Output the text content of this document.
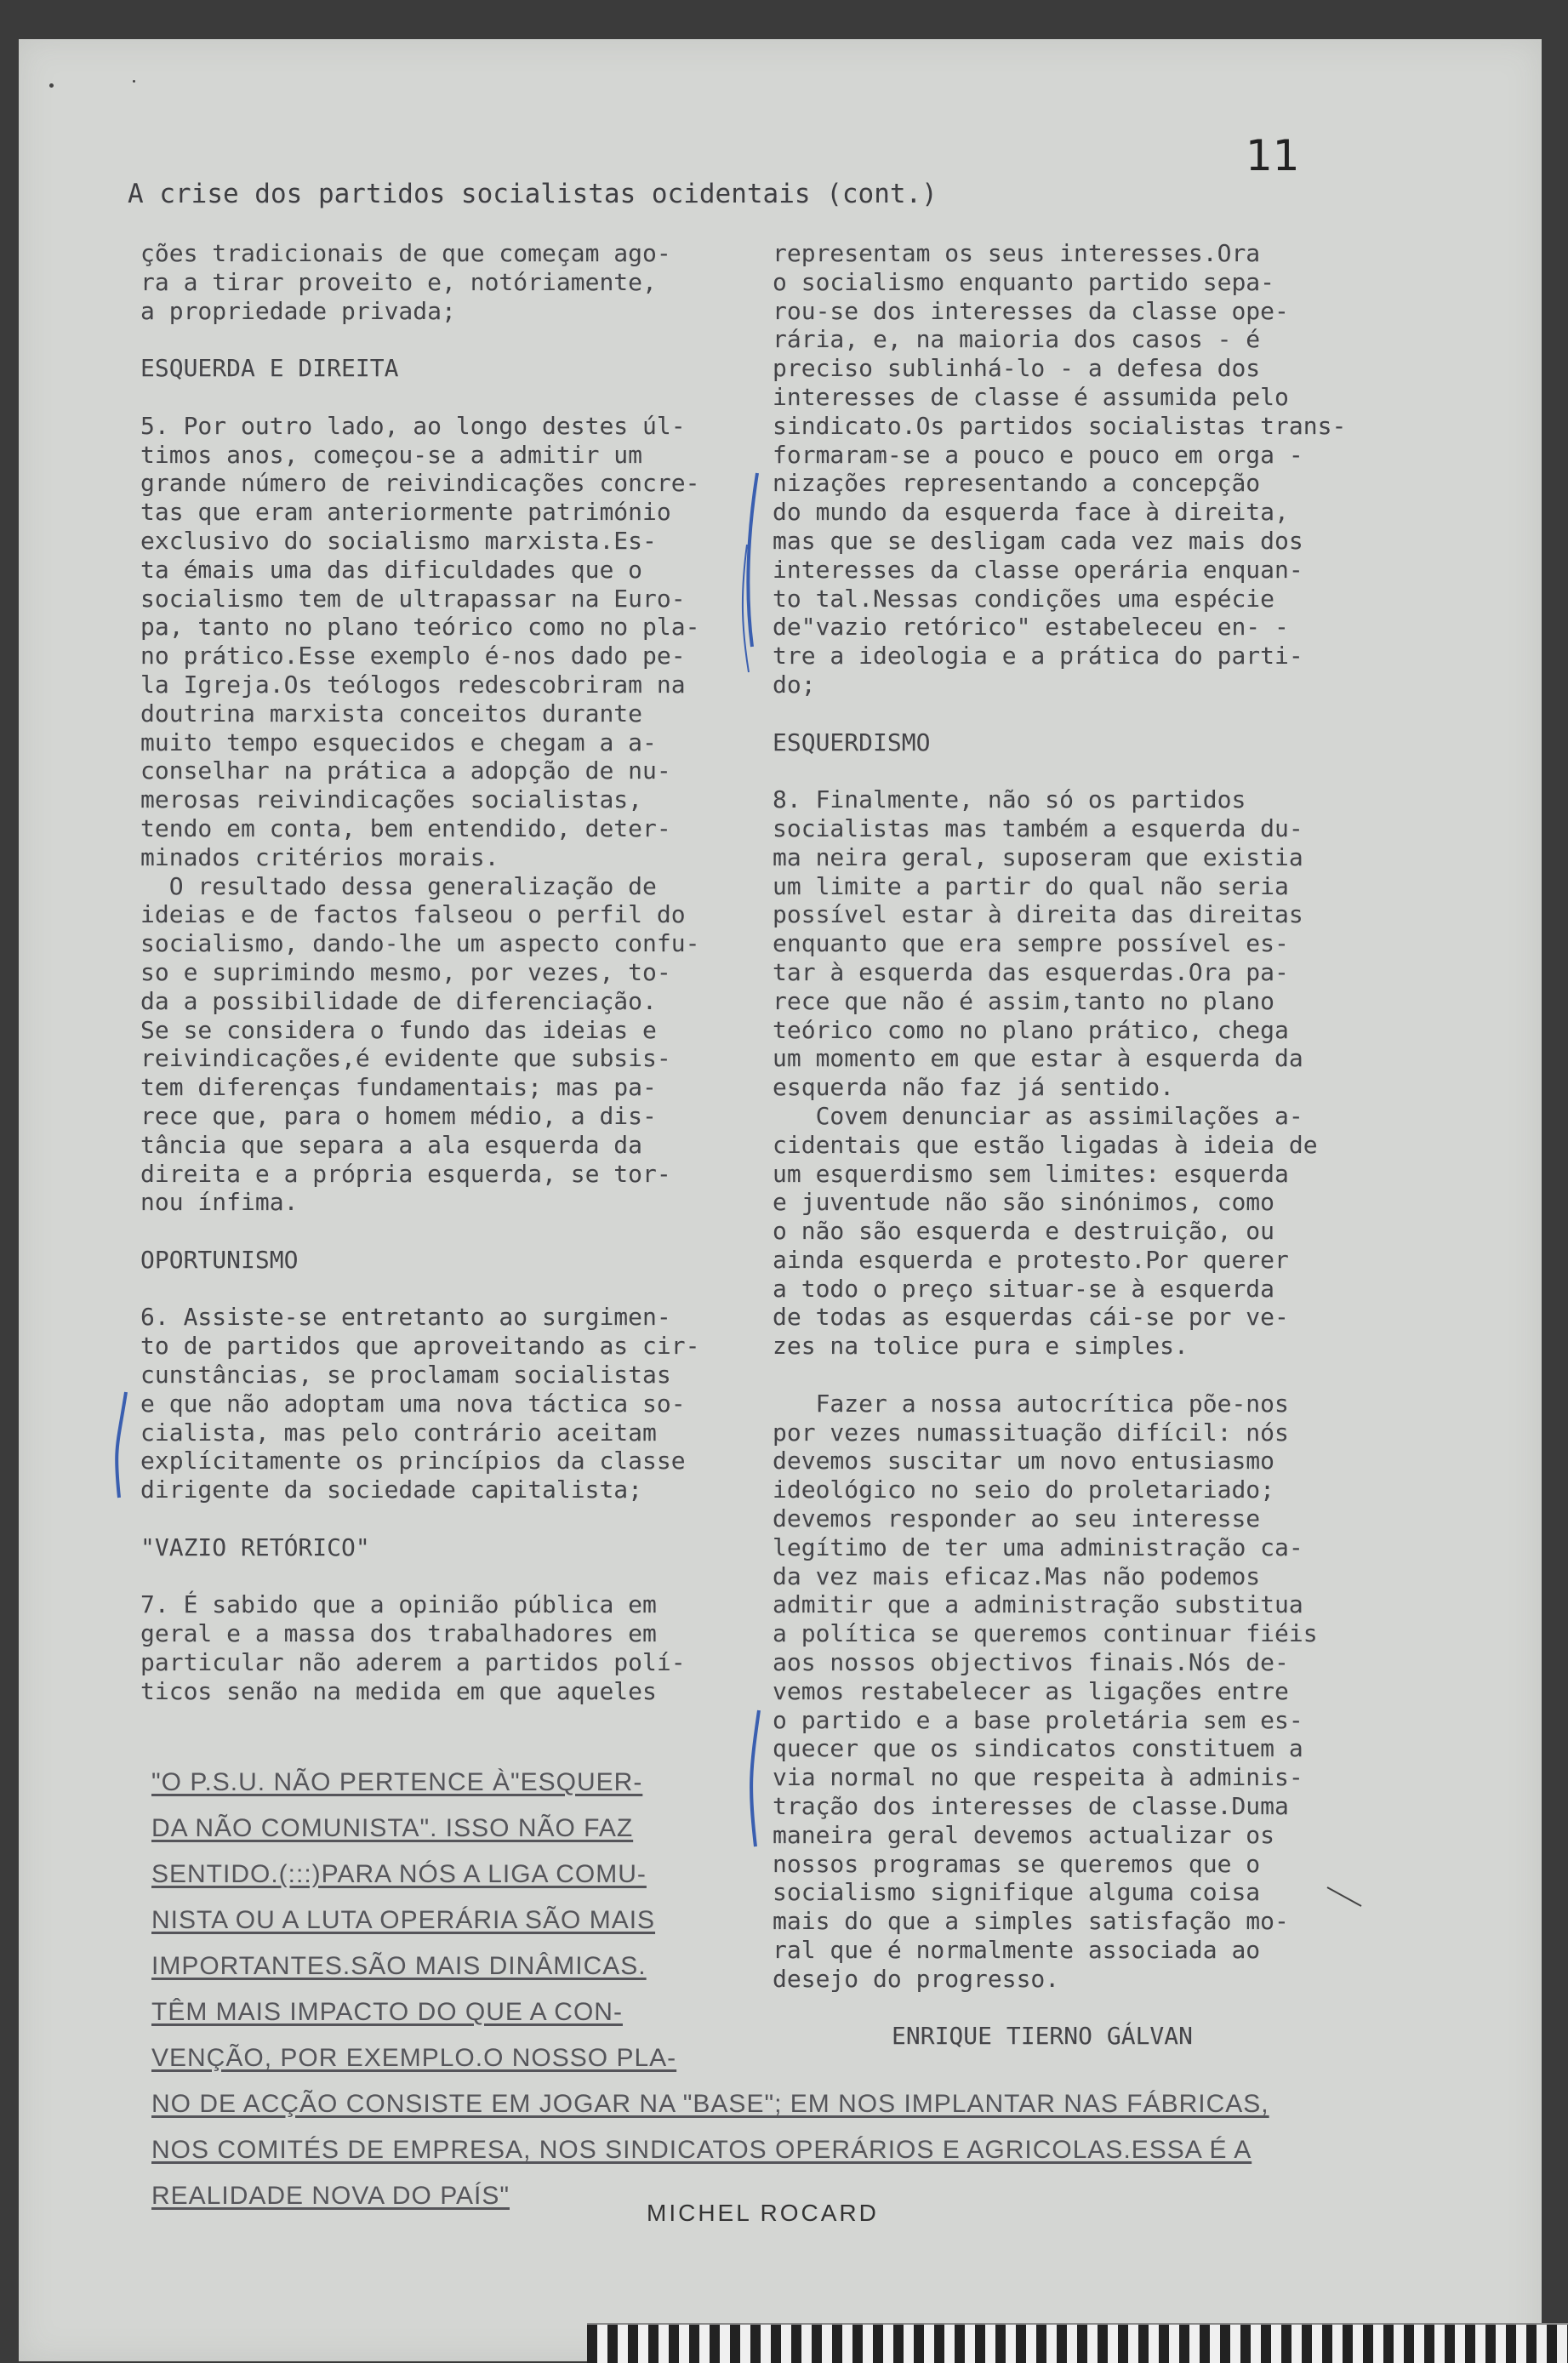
11
A crise dos partidos socialistas ocidentais (cont.)
ções tradicionais de que começam ago-
ra a tirar proveito e, notóriamente,
a propriedade privada;
ESQUERDA E DIREITA
5. Por outro lado, ao longo destes úl-
timos anos, começou-se a admitir um
grande número de reivindicações concre-
tas que eram anteriormente património
exclusivo do socialismo marxista.Es-
ta émais uma das dificuldades que o
socialismo tem de ultrapassar na Euro-
pa, tanto no plano teórico como no pla-
no prático.Esse exemplo é-nos dado pe-
la Igreja.Os teólogos redescobriram na
doutrina marxista conceitos durante
muito tempo esquecidos e chegam a a-
conselhar na prática a adopção de nu-
merosas reivindicações socialistas,
tendo em conta, bem entendido, deter-
minados critérios morais.
O resultado dessa generalização de
ideias e de factos falseou o perfil do
socialismo, dando-lhe um aspecto confu-
so e suprimindo mesmo, por vezes, to-
da a possibilidade de diferenciação.
Se se considera o fundo das ideias e
reivindicações,é evidente que subsis-
tem diferenças fundamentais; mas pa-
rece que, para o homem médio, a dis-
tância que separa a ala esquerda da
direita e a própria esquerda, se tor-
nou ínfima.
OPORTUNISMO
6. Assiste-se entretanto ao surgimen-
to de partidos que aproveitando as cir-
cunstâncias, se proclamam socialistas
e que não adoptam uma nova táctica so-
cialista, mas pelo contrário aceitam
explícitamente os princípios da classe
dirigente da sociedade capitalista;
"VAZIO RETÓRICO"
7. É sabido que a opinião pública em
geral e a massa dos trabalhadores em
particular não aderem a partidos polí-
ticos senão na medida em que aqueles
representam os seus interesses.Ora
o socialismo enquanto partido sepa-
rou-se dos interesses da classe ope-
rária, e, na maioria dos casos - é
preciso sublinhá-lo - a defesa dos
interesses de classe é assumida pelo
sindicato.Os partidos socialistas trans-
formaram-se a pouco e pouco em orga -
nizações representando a concepção
do mundo da esquerda face à direita,
mas que se desligam cada vez mais dos
interesses da classe operária enquan-
to tal.Nessas condições uma espécie
de"vazio retórico" estabeleceu en- -
tre a ideologia e a prática do parti-
do;
ESQUERDISMO
8. Finalmente, não só os partidos
socialistas mas também a esquerda du-
ma neira geral, suposeram que existia
um limite a partir do qual não seria
possível estar à direita das direitas
enquanto que era sempre possível es-
tar à esquerda das esquerdas.Ora pa-
rece que não é assim,tanto no plano
teórico como no plano prático, chega
um momento em que estar à esquerda da
esquerda não faz já sentido.
Covem denunciar as assimilações a-
cidentais que estão ligadas à ideia de
um esquerdismo sem limites: esquerda
e juventude não são sinónimos, como
o não são esquerda e destruição, ou
ainda esquerda e protesto.Por querer
a todo o preço situar-se à esquerda
de todas as esquerdas cái-se por ve-
zes na tolice pura e simples.
Fazer a nossa autocrítica põe-nos
por vezes numassituação difícil: nós
devemos suscitar um novo entusiasmo
ideológico no seio do proletariado;
devemos responder ao seu interesse
legítimo de ter uma administração ca-
da vez mais eficaz.Mas não podemos
admitir que a administração substitua
a política se queremos continuar fiéis
aos nossos objectivos finais.Nós de-
vemos restabelecer as ligações entre
o partido e a base proletária sem es-
quecer que os sindicatos constituem a
via normal no que respeita à adminis-
tração dos interesses de classe.Duma
maneira geral devemos actualizar os
nossos programas se queremos que o
socialismo signifique alguma coisa
mais do que a simples satisfação mo-
ral que é normalmente associada ao
desejo do progresso.
ENRIQUE TIERNO GÁLVAN
"O P.S.U. NÃO PERTENCE À"ESQUER-
DA NÃO COMUNISTA". ISSO NÃO FAZ
SENTIDO.(:::)PARA NÓS A LIGA COMU-
NISTA OU A LUTA OPERÁRIA SÃO MAIS
IMPORTANTES.SÃO MAIS DINÂMICAS.
TÊM MAIS IMPACTO DO QUE A CON-
VENÇÃO, POR EXEMPLO.O NOSSO PLA-
NO DE ACÇÃO CONSISTE EM JOGAR NA "BASE"; EM NOS IMPLANTAR NAS FÁBRICAS,
NOS COMITÉS DE EMPRESA, NOS SINDICATOS OPERÁRIOS E AGRICOLAS.ESSA É A
REALIDADE NOVA DO PAÍS"
MICHEL ROCARD
